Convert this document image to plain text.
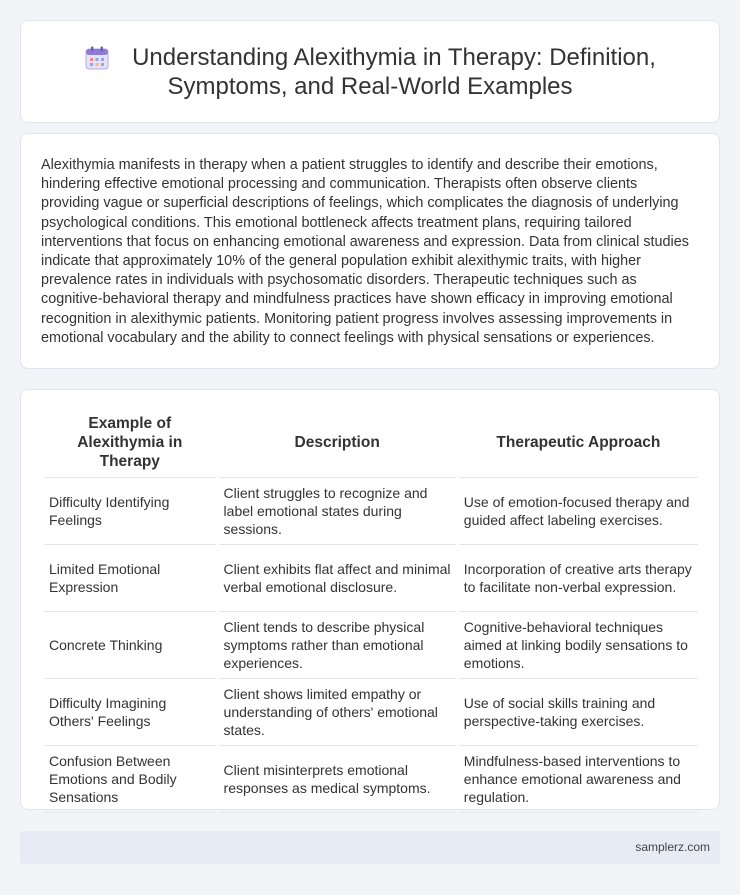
Understanding Alexithymia in Therapy: Definition,
Symptoms, and Real-World Examples

Alexithymia manifests in therapy when a patient struggles to identify and describe their emotions, hindering effective emotional processing and communication. Therapists often observe clients providing vague or superficial descriptions of feelings, which complicates the diagnosis of underlying psychological conditions. This emotional bottleneck affects treatment plans, requiring tailored interventions that focus on enhancing emotional awareness and expression. Data from clinical studies indicate that approximately 10% of the general population exhibit alexithymic traits, with higher prevalence rates in individuals with psychosomatic disorders. Therapeutic techniques such as cognitive-behavioral therapy and mindfulness practices have shown efficacy in improving emotional recognition in alexithymic patients. Monitoring patient progress involves assessing improvements in emotional vocabulary and the ability to connect feelings with physical sensations or experiences.

Example of Alexithymia in Therapy	Description	Therapeutic Approach
Difficulty Identifying Feelings	Client struggles to recognize and label emotional states during sessions.	Use of emotion-focused therapy and guided affect labeling exercises.
Limited Emotional Expression	Client exhibits flat affect and minimal verbal emotional disclosure.	Incorporation of creative arts therapy to facilitate non-verbal expression.
Concrete Thinking	Client tends to describe physical symptoms rather than emotional experiences.	Cognitive-behavioral techniques aimed at linking bodily sensations to emotions.
Difficulty Imagining Others' Feelings	Client shows limited empathy or understanding of others' emotional states.	Use of social skills training and perspective-taking exercises.
Confusion Between Emotions and Bodily Sensations	Client misinterprets emotional responses as medical symptoms.	Mindfulness-based interventions to enhance emotional awareness and regulation.
samplerz.com
